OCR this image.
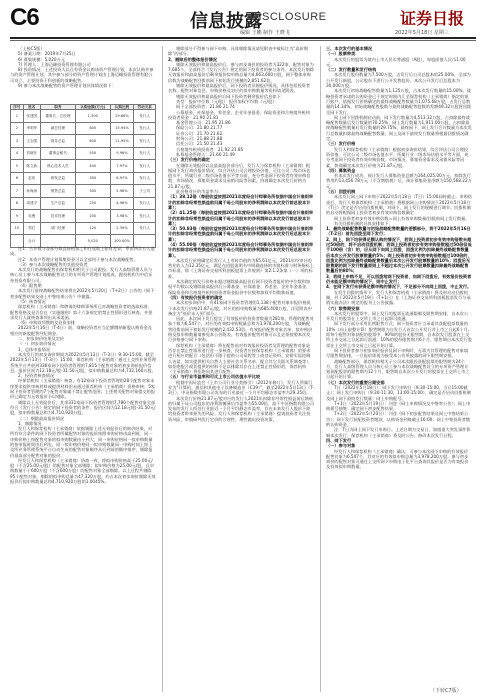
C6	信息披露
DISCLOSURE	证券日报
编辑 王鹏 制作 王晓飞	2022年5月18日 星期三

（上接C5版）

5) 备案日期：2019年7月25日

6) 募集规模：5,020万元

7) 管理人：上海迈峰投资管理有限公司

8) 投资情况：上述投资人以自有资金认购该资产管理计划，本次认购并参与的资产管理计划，其中参与部分的资产管理计划由上海迈峰投资管理有限公司设立，主要投资于科创板的战略配售。

9) 参与本次战略配售的资产管理计划具体情况如下：

序号	姓名	职务	认购金额(万元)	认购比例	劳动关系
1	张建国	董事长、总经理	1,500	29.88%	发行人
2	李明华	副总经理	800	15.94%	发行人
3	王志强	财务总监	600	11.95%	发行人
4	刘晓东	董事会秘书	500	9.96%	发行人
5	陈立新	核心技术人员	400	7.97%	发行人
6	赵伟	研发总监	350	6.97%	发行人
7	孙海涛	销售总监	300	5.98%	子公司
8	周建平	生产总监	250	4.98%	发行人
9	吴俊	技术经理	200	3.98%	发行人
10	郑红	部门经理	120	2.39%	发行人
	合计		5,020	100.00%	

注1：合计数与各部分数直接相加之和在尾数上如有差异，系由四舍五入造成。

注2：本资产管理计划募集资金可以全部用于参与本次战略配售。

（3）参与本次战略配售的其他投资者

本次发行的战略配售由保荐机构相关子公司跟投、发行人高级管理人员与核心员工参与本次战略配售设立的专项资产管理计划组成，跟投机构为中信证券投资有限公司。

（4）限售期

本次发行最终战略配售结果将在2022年5月20日（T+2日）公告的《网下初步配售结果及网上中签结果公告》中披露。

（5）核查情况

保荐机构（主承销商）和聘请的律师事务所已对战略投资者的选取标准、配售资格及是否存在《实施细则》第十六条规定的禁止性情形进行核查，并要求发行人就核查事项出具承诺函。

（6）申购款项缴纳及验资安排

2022年5月16日（T-4日）前，战略投资者应当足额缴纳新股认购资金及相应的新股配售经纪佣金。

二、初步询价结果及定价

（一）初步询价情况

1、总体申报情况

本次发行的初步询价期间为2022年5月13日（T-3日）9:30-15:00。截至2022年5月13日（T-3日）15:00，保荐机构（主承销商）通过上交所业务管理系统平台共收到336家网下投资者管理的7,815个配售对象的初步询价报价信息，报价区间为12.18元/股-31.50元/股，拟申购数量总和为4,732,160万股。

2、投资者核查情况

经保荐机构（主承销商）核查，有12家网下投资者管理的28个配售对象未按要求提供审核材料或提供材料但未通过保荐机构（主承销商）资格审核；5家网下投资者管理的7个配售对象属于禁止配售范围；上述相关配售对象提交的报价已确定为无效报价予以剔除。

剔除以上无效报价后，其余331家网下投资者管理的7,780个配售对象全部符合《发行公告》规定的网下投资者的条件，报价区间为12.18元/股-31.50元/股，拟申购数量总和为4,710,920万股。

（二）剔除最高报价情况

1、剔除情况

发行人和保荐机构（主承销商）依据剔除上述无效报价后的询价结果，对所有符合条件的网下投资者所属配售对象的报价按照申购价格由高到低、同一申购价格上按配售对象的拟申购数量由小到大、同一申购价格同一拟申购数量的按申报时间由后到先、同一拟申购价格同一拟申购数量同一申购时间上按上交所业务管理系统平台自动生成的配售对象顺序从后到前的顺序排序，剔除报价最高部分配售对象的报价。

经发行人和保荐机构（主承销商）协商一致，将拟申购价格高于25.00元/股（不含25.00元/股）的配售对象全部剔除；拟申购价格为25.00元/股，且申购数量小于600万股（不含600万股）的配售对象全部剔除。以上过程共剔除95个配售对象，剔除的拟申购总量为47,320万股，约占本次初步询价剔除无效报价后拟申购数量总和4,710,920万股的1.0045%。

剔除部分不得参与网下申购。具体剔除情况请见附表中被标注为“高价剔除”的部分。

2、剔除后的整体报价情况

剔除无效报价和最高报价后，参与初步询价的投资者为322家，配售对象为7,685个，全部符合《发行公告》规定的网下投资者的参与条件。本次发行剔除无效报价和最高报价后剩余报价拟申购总量为4,663,600万股，网下整体申购倍数为战略配售回拨前网下初始发行规模的2,851.62倍。

剔除无效报价和最高报价后，网下投资者详细报价情况，具体包括投资者名称、配售对象信息、申购价格及对应的拟申购数量等资料请见附表。

剔除无效报价和最高报价后网下投资者剩余报价信息如下：

类型：报价中位数（元/股） 报价加权平均数（元/股）

网下全部投资者：21.86 21.74

公募基金、社保基金、养老金、企业年金基金、保险资金和合格境外机构投资者资金：21.90 21.81

基金管理公司：21.95 21.86

保险公司：21.80 21.77

证券公司：21.70 21.62

财务公司：21.88 21.88

信托公司：21.50 21.43

合格境外机构投资者：21.92 21.85

私募基金管理人：21.60 21.49

（三）发行价格的确定

在剔除无效报价以及最高报价部分后，发行人与保荐机构（主承销商）根据网下发行询价报价情况，综合评估公司合理投资价值、可比公司二级市场估值水平、所属行业二级市场估值水平等方面，充分考虑网下投资者有效申购倍数、市场情况、募集资金需求及承销风险等因素，协商确定本次发行价格为21.87元/股。

此价格对应的市盈率为：

（1）38.12倍（每股收益按照2021年度经会计师事务所依据中国会计准则审计的扣除非经常性损益前归属于母公司股东的净利润除以本次发行前总股本计算）；

（2）41.25倍（每股收益按照2021年度经会计师事务所依据中国会计准则审计的扣除非经常性损益后归属于母公司股东的净利润除以本次发行前总股本计算）；

（3）50.83倍（每股收益按照2021年度经会计师事务所依据中国会计准则审计的扣除非经常性损益前归属于母公司股东的净利润除以本次发行后总股本计算）；

（4）55.00倍（每股收益按照2021年度经会计师事务所依据中国会计准则审计的扣除非经常性损益后归属于母公司股东的净利润除以本次发行后总股本计算）。

本次发行价格确定后发行人上市时市值约为65.61亿元，2021年经审计的营业收入为12.35亿元，满足在招股说明书中明确选择的市值标准与财务指标上市标准，即《上海证券交易所科创板股票上市规则》第2.1.2条第（一）项的标准。

本次确定的发行价格未超过剔除最高报价后网下投资者报价的中位数和加权平均数以及剔除最高报价后公募基金、社保基金、养老金、企业年金基金、保险资金和合格境外机构投资者资金报价中位数和加权平均数孰低值。

（四）有效报价投资者的确定

本次初步询价中，有41家网下投资者管理的1,138个配售对象申报价格低于本次发行价格21.87元/股，对应的拟申购数量为685,400万股，详见附表中备注为“低价未入围”部分。

因此，本次网下发行提交了有效报价的投资者数量为281家，管理的配售对象个数为6,547个，对应的有效拟申购数量总和为3,978,200万股，为战略配售回拨前网下初始发行规模的2,432.53倍。有效报价配售对象名单、拟申购价格及拟申购数量请参见本公告附表。有效报价配售对象可以且必须按照本次发行价格参与网下申购。

保荐机构（主承销商）将在配售前对有效报价投资者及管理的配售对象是否存在禁止性情形进行进一步核查，投资者应按保荐机构（主承销商）的要求进行相应的配合（包括但不限于提供公司章程等工商登记资料、安排实际控制人访谈、如实提供相关自然人主要社会关系名单、配合其它关联关系调查等），如拒绝配合或其提供的材料不足以排除其存在上述禁止性情形的，保荐机构（主承销商）将拒绝向其进行配售。

（五）与行业市盈率和可比上市公司估值水平比较

根据中国证监会《上市公司行业分类指引》（2012年修订），发行人所属行业为“计算机、通信和其他电子设备制造业（C39）”，截至2022年5月13日（T-3日），中证指数有限公司发布的行业最近一个月平均静态市盈率为29.35倍。

本次发行价格21.87元/股对应的发行人2021年扣除非经常性损益前后孰低的归属于母公司股东的净利润摊薄后市盈率为55.00倍，高于中证指数有限公司发布的发行人所处行业最近一个月平均静态市盈率，存在未来发行人股价下跌给投资者带来损失的风险。发行人和保荐机构（主承销商）提请投资者关注投资风险，审慎研判发行定价的合理性，理性做出投资决策。

三、本次发行的基本情况

（一）股票种类

本次发行的股票为境内上市人民币普通股（A股），每股面值人民币1.00元。

（二）发行数量和发行结构

本次发行股份数量为7,500万股，占发行后公司总股本的25.00%，全部为公开发行新股，公司股东不进行公开发售股份。本次公开发行后总股本为30,000万股。

本次发行初始战略配售数量为1,125万股，占本次发行数量的15.00%。战略投资者承诺的认购资金已于规定时间内汇至保荐机构（主承销商）指定的银行账户，依据发行价格确定的最终战略配售数量为1,075.68万股，占发行总数量的14.34%，初始战略配售股数与最终战略配售股数的差额49.32万股将回拨至网下发行。

网上网下回拨机制启动前，网下发行数量为4,513.32万股，占扣除最终战略配售数量后发行数量的70.25%；网上发行数量为1,911.00万股，占扣除最终战略配售数量后发行数量的29.75%。最终网下、网上发行合计数量为本次发行总数量扣除最终战略配售数量，网上及网下最终发行数量将根据回拨情况确定。

（三）发行价格

发行人和保荐机构（主承销商）根据初步询价结果，综合评估公司合理投资价值、可比公司二级市场估值水平、所属行业二级市场估值水平等方面，充分考虑网下投资者有效申购倍数、市场情况、募集资金需求及承销风险等因素，协商确定本次发行价格为21.87元/股。

（四）募集资金

若本次发行成功，预计发行人募集资金总额为164,025.00万元，扣除发行费用约13,456.78万元（不含增值税）后，预计募集资金净额为150,568.22万元。

（五）回拨机制

本次发行网上网下申购于2022年5月18日（T日）15:00同时截止。申购结束后，发行人和保荐机构（主承销商）将根据网上申购情况于2022年5月18日（T日）决定是否启动回拨机制，对网下、网上发行的规模进行调节。回拨机制的启动将根据网上投资者初步有效申购倍数确定：

网上投资者初步有效申购倍数＝网上有效申购数量/回拨前网上发行数量。

有关回拨机制的具体安排如下：

1、最终战略配售数量与初始战略配售数量的差额部分，将于2022年5月16日（T-2日）首先回拨至网下发行；

2、网上、网下均获得足额认购的情况下，若网上投资者初步有效申购倍数未超过50倍的，将不启动回拨机制；若网上投资者初步有效申购倍数超过50倍但低于100倍（含）的，应从网下向网上回拨，回拨比例为扣除最终战略配售数量后本次公开发行股票数量的5%；网上投资者初步有效申购倍数超过100倍的，回拨比例为扣除最终战略配售数量后本次公开发行股票数量的10%；回拨后无限售期的网下发行数量原则上不超过本次公开发行股票数量扣除最终战略配售数量后的80%；

3、若网上申购不足，可以回拨给网下投资者，向网下回拨后，有效报价投资者仍未能足额申购的情况下，则中止发行；

4、在网下发行未获得足额申购的情况下，不足部分不向网上回拨，中止发行。

在发生回拨的情形下，发行人和保荐机构（主承销商）将及时启动回拨机制，并于2022年5月19日（T+1日）在《上海证券交易所科创板股票发行与承销实施办法》规定的报刊上公告披露。

（六）限售期安排

本次发行的股票中，网上发行的股票无流通限制及限售期安排，自本次公开发行的股票在上交所上市之日起即可流通。

网下发行部分采用比例限售方式，网下投资者应当承诺其获配股票数量的10%（向上取整计算）限售期限为自发行人首次公开发行并上市之日起6个月。即每个配售对象获配的股票中，90%的股份无限售期，自本次发行股票在上交所上市交易之日起即可流通；10%的股份限售期为6个月，限售期自本次发行股票在上交所上市交易之日起开始计算。

网下投资者参与初步询价报价及网下申购时，无需为其管理的配售对象填写限售期安排，一旦报价即视为接受本公告所披露的网下限售期安排。

战略配售部分，保荐机构相关子公司本次跟投获配股票的限售期为24个月，发行人高级管理人员与核心员工参与本次战略配售设立的专项资产管理计划获配股票的限售期为12个月，限售期自本次公开发行的股票在上交所上市之日起开始计算。

（七）本次发行的重要日期安排

T日（2022年5月18日）：网下发行申购日（9:30-15:00，当日15:00截止）；网上发行申购日（9:30-11:30，13:00-15:00）；确定是否启动回拨机制及网上网下最终发行数量；网上申购配号。

T+1日（2022年5月19日）：刊登《网上申购情况及中签率公告》；网上申购摇号抽签；确定网下初步配售结果。

T+2日（2022年5月20日）：刊登《网下初步配售结果及网上中签结果公告》；网下发行获配投资者缴款，认购资金到账截止16:00；网上中签投资者缴纳认购资金。

注：T日为网上网下发行申购日。上述日期为交易日，如遇重大突发事件影响本次发行，保荐机构（主承销商）将及时公告，修改本次发行日程。

四、网下发行

（一）参与对象

经发行人和保荐机构（主承销商）确认，可参与本次网下申购的有效报价配售对象为6,547个，其对应的有效拟申购总量为3,978,200万股。参与初步询价的配售对象可通过上交所网下申购电子化平台查询其报价是否为有效报价及有效拟申购数量。

（下转C7版）
